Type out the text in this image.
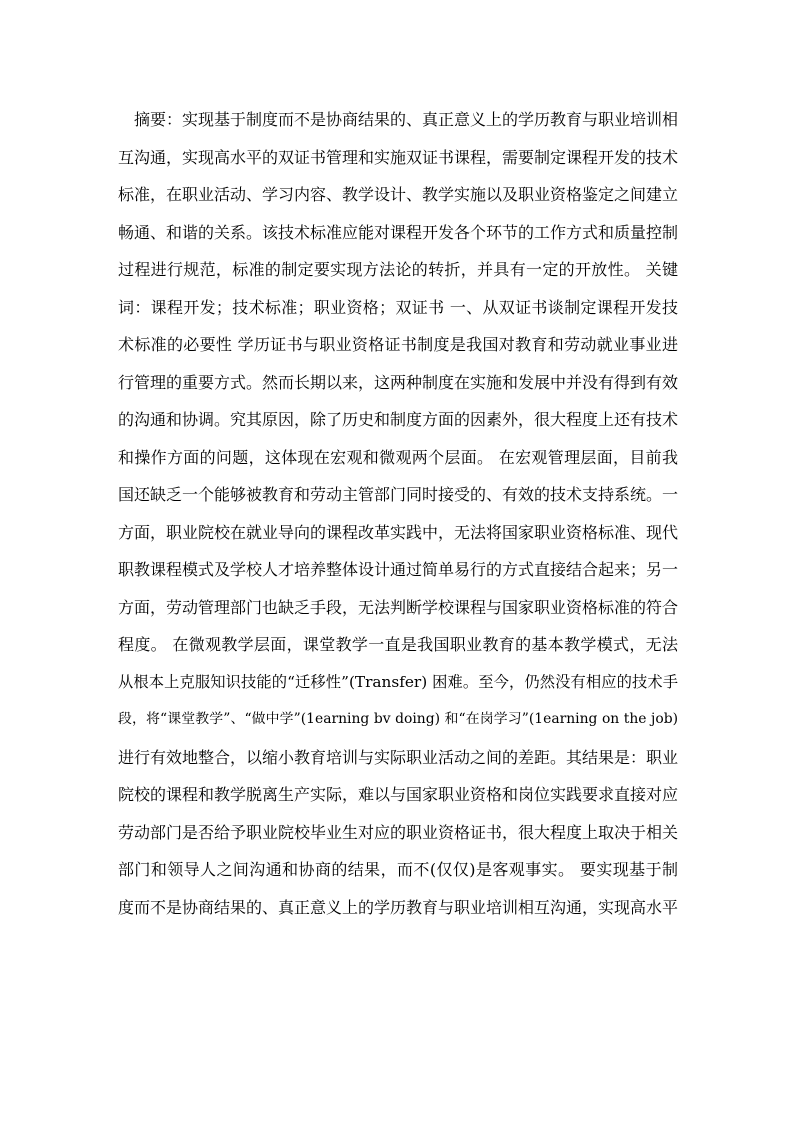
摘要：实现基于制度而不是协商结果的、真正意义上的学历教育与职业培训相
互沟通，实现高水平的双证书管理和实施双证书课程，需要制定课程开发的技术
标准，在职业活动、学习内容、教学设计、教学实施以及职业资格鉴定之间建立
畅通、和谐的关系。该技术标准应能对课程开发各个环节的工作方式和质量控制
过程进行规范，标准的制定要实现方法论的转折，并具有一定的开放性。 关键
词：课程开发；技术标准；职业资格；双证书 一、从双证书谈制定课程开发技
术标准的必要性 学历证书与职业资格证书制度是我国对教育和劳动就业事业进
行管理的重要方式。然而长期以来，这两种制度在实施和发展中并没有得到有效
的沟通和协调。究其原因，除了历史和制度方面的因素外，很大程度上还有技术
和操作方面的问题，这体现在宏观和微观两个层面。 在宏观管理层面，目前我
国还缺乏一个能够被教育和劳动主管部门同时接受的、有效的技术支持系统。一
方面，职业院校在就业导向的课程改革实践中，无法将国家职业资格标准、现代
职教课程模式及学校人才培养整体设计通过简单易行的方式直接结合起来；另一
方面，劳动管理部门也缺乏手段，无法判断学校课程与国家职业资格标准的符合
程度。 在微观教学层面，课堂教学一直是我国职业教育的基本教学模式，无法
从根本上克服知识技能的“迁移性”(Transfer) 困难。至今，仍然没有相应的技术手
段，将“课堂教学”、“做中学”(1earning bv doing) 和“在岗学习”(1earning on the job)
进行有效地整合，以缩小教育培训与实际职业活动之间的差距。其结果是：职业
院校的课程和教学脱离生产实际，难以与国家职业资格和岗位实践要求直接对应
劳动部门是否给予职业院校毕业生对应的职业资格证书，很大程度上取决于相关
部门和领导人之间沟通和协商的结果，而不(仅仅)是客观事实。 要实现基于制
度而不是协商结果的、真正意义上的学历教育与职业培训相互沟通，实现高水平
